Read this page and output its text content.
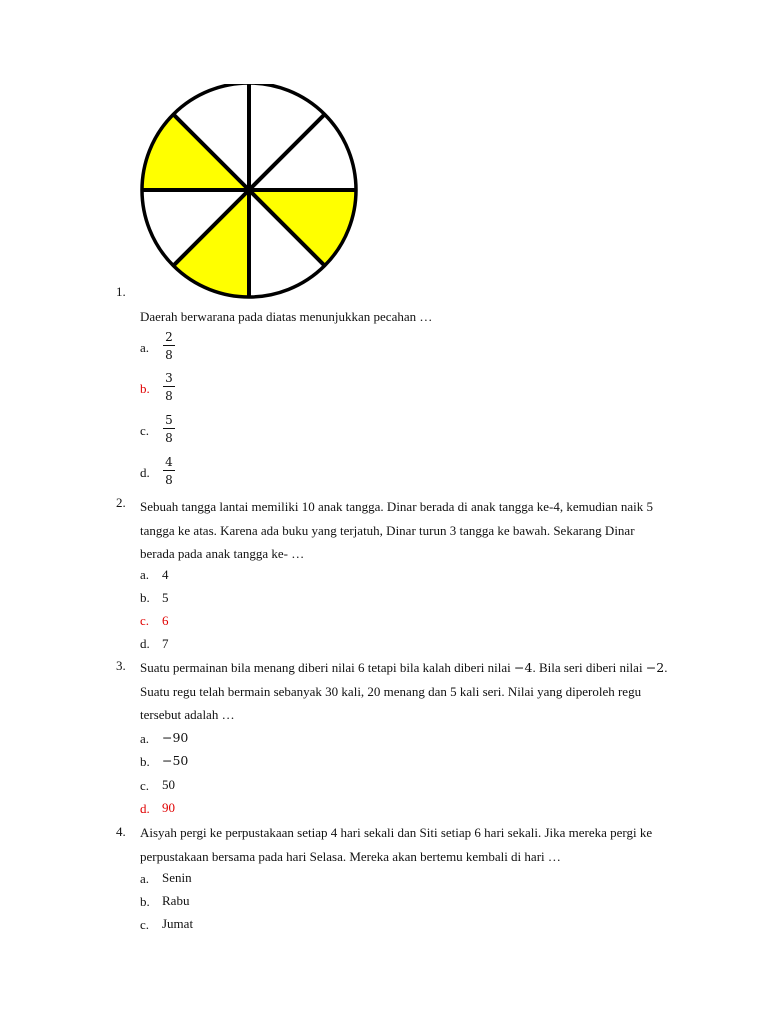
1.
Daerah berwarana pada diatas menunjukkan pecahan …
a.
2
8
b.
3
8
c.
5
8
d.
4
8
2. Sebuah tangga lantai memiliki 10 anak tangga. Dinar berada di anak tangga ke-4, kemudian naik 5 tangga ke atas. Karena ada buku yang terjatuh, Dinar turun 3 tangga ke bawah. Sekarang Dinar berada pada anak tangga ke- …
a. 4
b. 5
c. 6
d. 7
3. Suatu permainan bila menang diberi nilai 6 tetapi bila kalah diberi nilai −4. Bila seri diberi nilai −2. Suatu regu telah bermain sebanyak 30 kali, 20 menang dan 5 kali seri. Nilai yang diperoleh regu tersebut adalah …
a. −90
b. −50
c. 50
d. 90
4. Aisyah pergi ke perpustakaan setiap 4 hari sekali dan Siti setiap 6 hari sekali. Jika mereka pergi ke perpustakaan bersama pada hari Selasa. Mereka akan bertemu kembali di hari …
a. Senin
b. Rabu
c. Jumat
